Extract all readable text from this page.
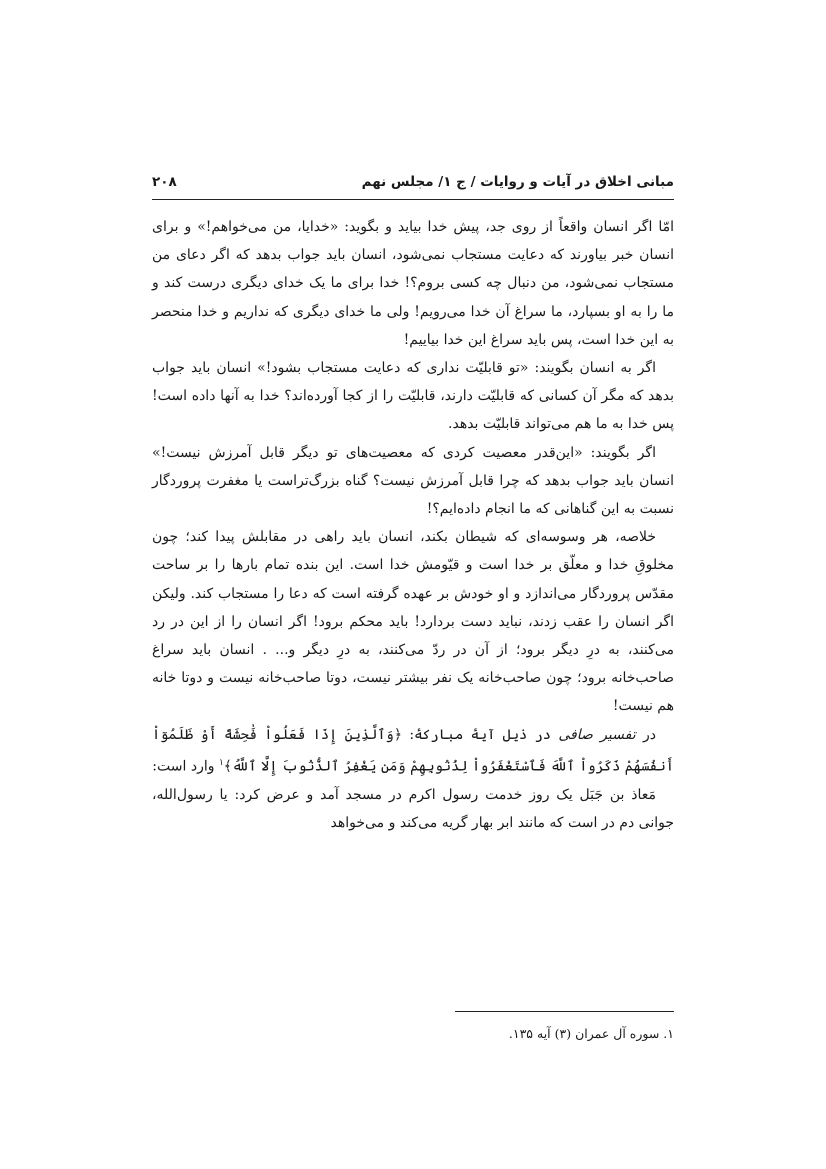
مبانی اخلاق در آیات و روایات / ج ۱/ مجلس نهم
۲۰۸

امّا اگر انسان واقعاً از روی جد، پیش خدا بیاید و بگوید: «خدایا، من می‌خواهم!» و برای انسان خبر بیاورند که دعایت مستجاب نمی‌شود، انسان باید جواب بدهد که اگر دعای من مستجاب نمی‌شود، من دنبال چه کسی بروم؟! خدا برای ما یک خدای دیگری درست کند و ما را به او بسپارد، ما سراغ آن خدا می‌رویم! ولی ما خدای دیگری که نداریم و خدا منحصر به این خدا است، پس باید سراغ این خدا بیاییم!

اگر به انسان بگویند: «تو قابلیّت نداری که دعایت مستجاب بشود!» انسان باید جواب بدهد که مگر آن کسانی که قابلیّت دارند، قابلیّت را از کجا آورده‌اند؟ خدا به آنها داده است! پس خدا به ما هم می‌تواند قابلیّت بدهد.

اگر بگویند: «این‌قدر معصیت کردی که معصیت‌های تو دیگر قابل آمرزش نیست!» انسان باید جواب بدهد که چرا قابل آمرزش نیست؟ گناه بزرگ‌تراست یا مغفرت پروردگار نسبت به این گناهانی که ما انجام داده‌ایم؟!

خلاصه، هر وسوسه‌ای که شیطان بکند، انسان باید راهی در مقابلش پیدا کند؛ چون مخلوقِ خدا و معلّق بر خدا است و قیّومش خدا است. این بنده تمام بارها را بر ساحت مقدّس پروردگار می‌اندازد و او خودش بر عهده گرفته است که دعا را مستجاب کند. ولیکن اگر انسان را عقب زدند، نباید دست بردارد! باید محکم برود! اگر انسان را از این در رد می‌کنند، به درِ دیگر برود؛ از آن در ردّ می‌کنند، به درِ دیگر و... . انسان باید سراغ صاحب‌خانه برود؛ چون صاحب‌خانه یک نفر بیشتر نیست، دوتا صاحب‌خانه نیست و دوتا خانه هم نیست!

در تفسیر صافی در ذیل آیهٔ مبارکهٔ: ﴿وَٱلَّذِينَ إِذَا فَعَلُواْ فَٰحِشَةً أَوْ ظَلَمُوٓاْ أَنفُسَهُمْ ذَكَرُواْ ٱللَّهَ فَٱسْتَغْفَرُواْ لِذُنُوبِهِمْ وَمَن يَغْفِرُ ٱلذُّنُوبَ إِلَّا ٱللَّهُ﴾$^۱$ وارد است:

مَعاذ بن جَبَل یک روز خدمت رسول اکرم در مسجد آمد و عرض کرد: یا رسول‌الله، جوانی دم در است که مانند ابر بهار گریه می‌کند و می‌خواهد

۱. سوره آل عمران (۳) آیه ۱۳۵.
